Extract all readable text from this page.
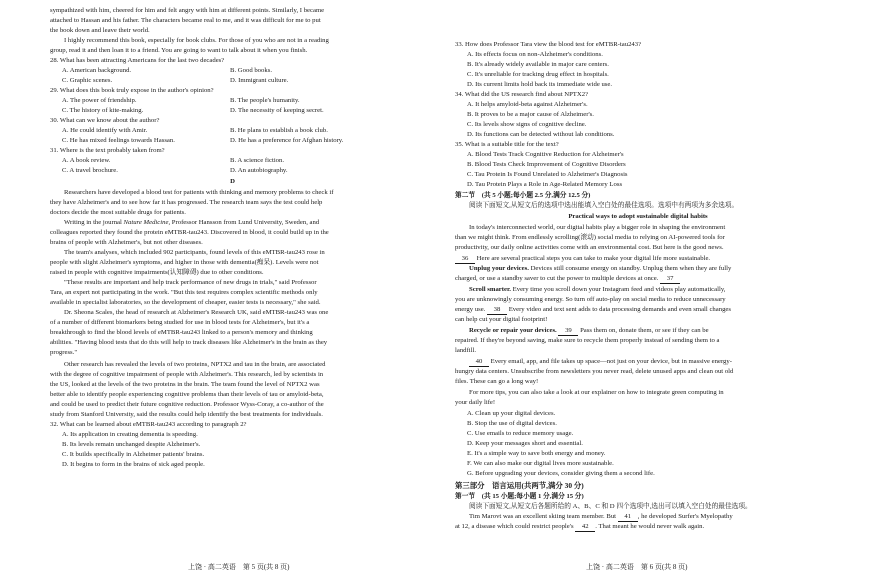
sympathized with him, cheered for him and felt angry with him at different points. Similarly, I became
attached to Hassan and his father. The characters became real to me, and it was difficult for me to put
the book down and leave their world.
I highly recommend this book, especially for book clubs. For those of you who are not in a reading
group, read it and then loan it to a friend. You are going to want to talk about it when you finish.
28. What has been attracting Americans for the last two decades?
A. American background.	B. Good books.
C. Graphic scenes.	D. Immigrant culture.
29. What does this book truly expose in the author's opinion?
A. The power of friendship.	B. The people's humanity.
C. The history of kite-making.	D. The necessity of keeping secret.
30. What can we know about the author?
A. He could identify with Amir.	B. He plans to establish a book club.
C. He has mixed feelings towards Hassan.	D. He has a preference for Afghan history.
31. Where is the text probably taken from?
A. A book review.	B. A science fiction.
C. A travel brochure.	D. An autobiography.
D
Researchers have developed a blood test for patients with thinking and memory problems to check if
they have Alzheimer's and to see how far it has progressed. The research team says the test could help
doctors decide the most suitable drugs for patients.
Writing in the journal Nature Medicine, Professor Hansson from Lund University, Sweden, and
colleagues reported they found the protein eMTBR-tau243. Discovered in blood, it could build up in the
brains of people with Alzheimer's, but not other diseases.
The team's analyses, which included 902 participants, found levels of this eMTBR-tau243 rose in
people with slight Alzheimer's symptoms, and higher in those with dementia(痴呆). Levels were not
raised in people with cognitive impairments(认知障碍) due to other conditions.
"These results are important and help track performance of new drugs in trials," said Professor
Tara, an expert not participating in the work. "But this test requires complex scientific methods only
available in specialist laboratories, so the development of cheaper, easier tests is necessary," she said.
Dr. Sheona Scales, the head of research at Alzheimer's Research UK, said eMTBR-tau243 was one
of a number of different biomarkers being studied for use in blood tests for Alzheimer's, but it's a
breakthrough to find the blood levels of eMTBR-tau243 linked to a person's memory and thinking
abilities. "Having blood tests that do this will help to track diseases like Alzheimer's in the brain as they
progress."
Other research has revealed the levels of two proteins, NPTX2 and tau in the brain, are associated
with the degree of cognitive impairment of people with Alzheimer's. This research, led by scientists in
the US, looked at the levels of the two proteins in the brain. The team found the level of NPTX2 was
better able to identify people experiencing cognitive problems than their levels of tau or amyloid-beta,
and could be used to predict their future cognitive reduction. Professor Wyss-Coray, a co-author of the
study from Stanford University, said the results could help identify the best treatments for individuals.
32. What can be learned about eMTBR-tau243 according to paragraph 2?
A. Its application in creating dementia is speeding.
B. Its levels remain unchanged despite Alzheimer's.
C. It builds specifically in Alzheimer patients' brains.
D. It begins to form in the brains of sick aged people.
上饶 · 高二英语　第 5 页(共 8 页)
33. How does Professor Tara view the blood test for eMTBR-tau243?
A. Its effects focus on non-Alzheimer's conditions.
B. It's already widely available in major care centers.
C. It's unreliable for tracking drug effect in hospitals.
D. Its current limits hold back its immediate wide use.
34. What did the US research find about NPTX2?
A. It helps amyloid-beta against Alzheimer's.
B. It proves to be a major cause of Alzheimer's.
C. Its levels show signs of cognitive decline.
D. Its functions can be detected without lab conditions.
35. What is a suitable title for the text?
A. Blood Tests Track Cognitive Reduction for Alzheimer's
B. Blood Tests Check Improvement of Cognitive Disorders
C. Tau Protein Is Found Unrelated to Alzheimer's Diagnosis
D. Tau Protein Plays a Role in Age-Related Memory Loss
第二节　(共 5 小题;每小题 2.5 分,满分 12.5 分)
阅读下面短文,从短文后的选项中选出能填入空白处的最佳选项。选项中有两项为多余选项。
Practical ways to adopt sustainable digital habits
In today's interconnected world, our digital habits play a bigger role in shaping the environment
than we might think. From endlessly scrolling(滚动) social media to relying on AI-powered tools for
productivity, our daily online activities come with an environmental cost. But here is the good news.
36 Here are several practical steps you can take to make your digital life more sustainable.
Unplug your devices. Devices still consume energy on standby. Unplug them when they are fully
charged, or use a standby saver to cut the power to multiple devices at once. 37
Scroll smarter. Every time you scroll down your Instagram feed and videos play automatically,
you are unknowingly consuming energy. So turn off auto-play on social media to reduce unnecessary
energy use. 38 Every video and text sent adds to data processing demands and even small changes
can help cut your digital footprint!
Recycle or repair your devices. 39 Pass them on, donate them, or see if they can be
repaired. If they're beyond saving, make sure to recycle them properly instead of sending them to a
landfill.
40 Every email, app, and file takes up space—not just on your device, but in massive energy-
hungry data centers. Unsubscribe from newsletters you never read, delete unused apps and clean out old
files. These can go a long way!
For more tips, you can also take a look at our explainer on how to integrate green computing in
your daily life!
A. Clean up your digital devices.
B. Stop the use of digital devices.
C. Use emails to reduce memory usage.
D. Keep your messages short and essential.
E. It's a simple way to save both energy and money.
F. We can also make our digital lives more sustainable.
G. Before upgrading your devices, consider giving them a second life.
第三部分　语言运用(共两节,满分 30 分)
第一节　(共 15 小题;每小题 1 分,满分 15 分)
阅读下面短文,从短文后各题所给的 A、B、C 和 D 四个选项中,选出可以填入空白处的最佳选项。
Tim Marovt was an excellent skiing team member. But 41 , he developed Surfer's Myelopathy
at 12, a disease which could restrict people's 42 . That meant he would never walk again.
上饶 · 高二英语　第 6 页(共 8 页)
